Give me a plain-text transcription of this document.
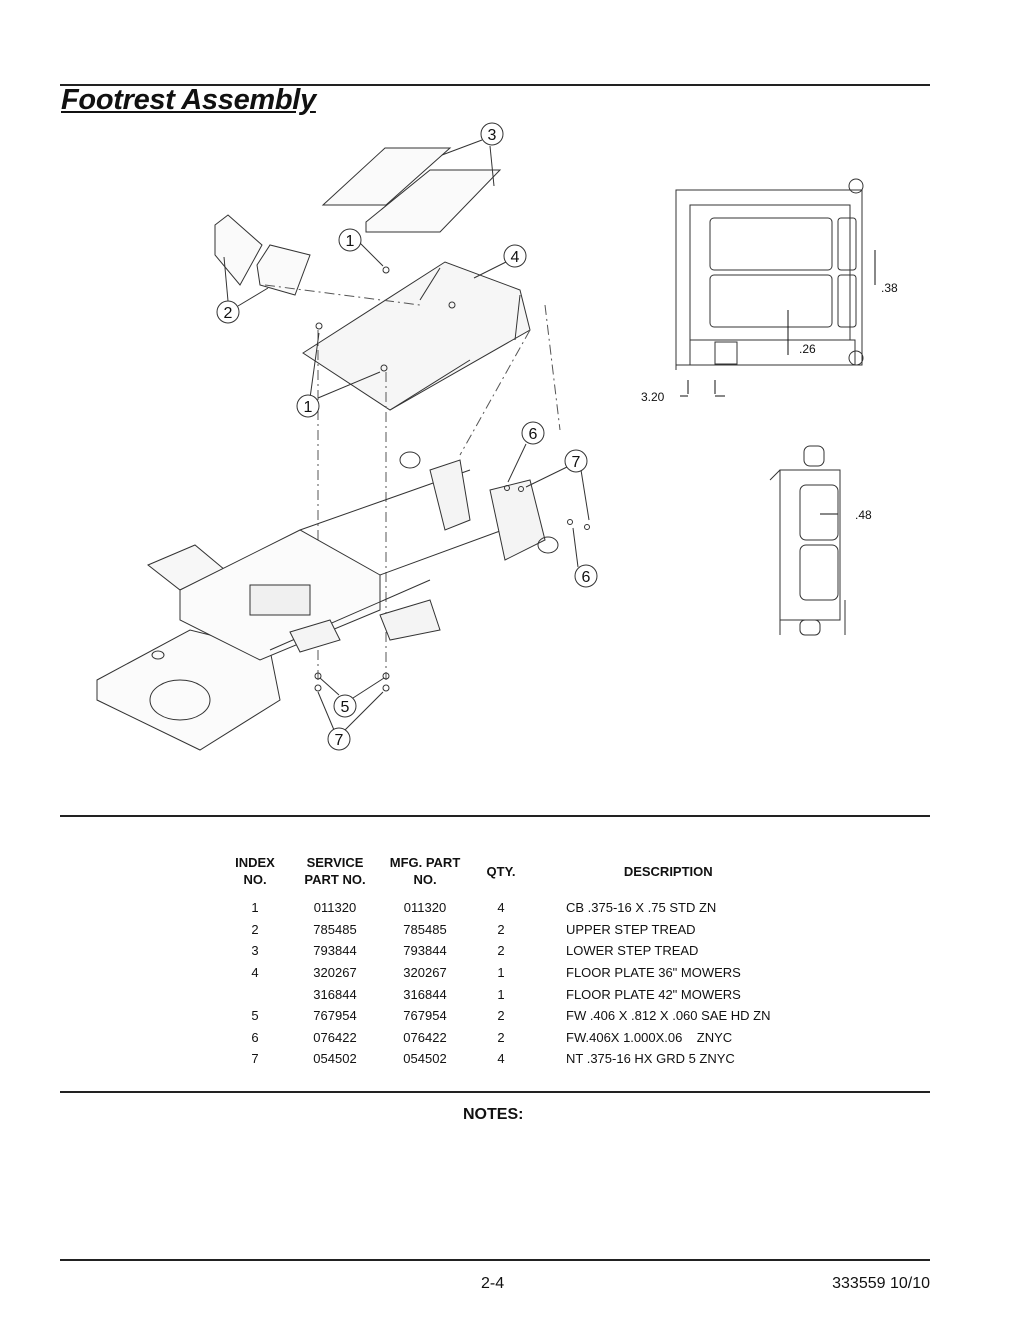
Footrest Assembly
3
1
4
2
1
6
7
6
5
7
.38
.26
3.20
.48
INDEX
NO.	SERVICE
PART NO.	MFG. PART
NO.	QTY.	DESCRIPTION
1	011320	011320	4	CB .375-16 X .75 STD ZN
2	785485	785485	2	UPPER STEP TREAD
3	793844	793844	2	LOWER STEP TREAD
4	320267	320267	1	FLOOR PLATE 36" MOWERS
	316844	316844	1	FLOOR PLATE 42" MOWERS
5	767954	767954	2	FW .406 X .812 X .060 SAE HD ZN
6	076422	076422	2	FW.406X 1.000X.06    ZNYC
7	054502	054502	4	NT .375-16 HX GRD 5 ZNYC

NOTES:

2-4	333559 10/10
